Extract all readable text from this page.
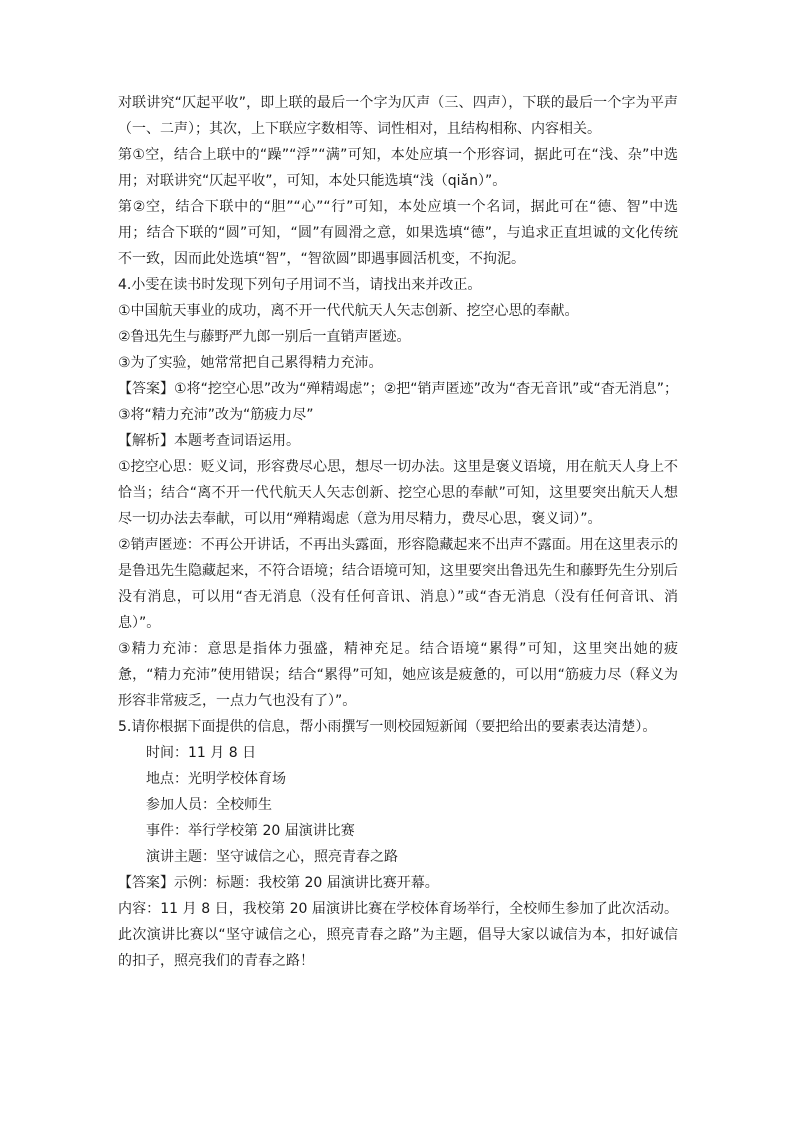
对联讲究“仄起平收”，即上联的最后一个字为仄声（三、四声），下联的最后一个字为平声（一、二声）；其次，上下联应字数相等、词性相对，且结构相称、内容相关。

第①空，结合上联中的“躁”“浮”“满”可知，本处应填一个形容词，据此可在“浅、杂”中选用；对联讲究“仄起平收”，可知，本处只能选填“浅（qiǎn）”。

第②空，结合下联中的“胆”“心”“行”可知，本处应填一个名词，据此可在“德、智”中选用；结合下联的“圆”可知，“圆”有圆滑之意，如果选填“德”，与追求正直坦诚的文化传统不一致，因而此处选填“智”，“智欲圆”即遇事圆活机变，不拘泥。

4.小雯在读书时发现下列句子用词不当，请找出来并改正。

①中国航天事业的成功，离不开一代代航天人矢志创新、挖空心思的奉献。

②鲁迅先生与藤野严九郎一别后一直销声匿迹。

③为了实验，她常常把自己累得精力充沛。

【答案】①将“挖空心思”改为“殚精竭虑”；②把“销声匿迹”改为“杳无音讯”或“杳无消息”；③将“精力充沛”改为“筋疲力尽”

【解析】本题考查词语运用。

①挖空心思：贬义词，形容费尽心思，想尽一切办法。这里是褒义语境，用在航天人身上不恰当；结合“离不开一代代航天人矢志创新、挖空心思的奉献”可知，这里要突出航天人想尽一切办法去奉献，可以用“殚精竭虑（意为用尽精力，费尽心思，褒义词）”。

②销声匿迹：不再公开讲话，不再出头露面，形容隐藏起来不出声不露面。用在这里表示的是鲁迅先生隐藏起来，不符合语境；结合语境可知，这里要突出鲁迅先生和藤野先生分别后没有消息，可以用“杳无消息（没有任何音讯、消息）”或“杳无消息（没有任何音讯、消息）”。

③精力充沛：意思是指体力强盛，精神充足。结合语境“累得”可知，这里突出她的疲惫，“精力充沛”使用错误；结合“累得”可知，她应该是疲惫的，可以用“筋疲力尽（释义为形容非常疲乏，一点力气也没有了）”。

5.请你根据下面提供的信息，帮小雨撰写一则校园短新闻（要把给出的要素表达清楚）。

时间：11 月 8 日

地点：光明学校体育场

参加人员：全校师生

事件：举行学校第 20 届演讲比赛

演讲主题：坚守诚信之心，照亮青春之路

【答案】示例：标题：我校第 20 届演讲比赛开幕。

内容：11 月 8 日，我校第 20 届演讲比赛在学校体育场举行，全校师生参加了此次活动。此次演讲比赛以“坚守诚信之心，照亮青春之路”为主题，倡导大家以诚信为本，扣好诚信的扣子，照亮我们的青春之路！
